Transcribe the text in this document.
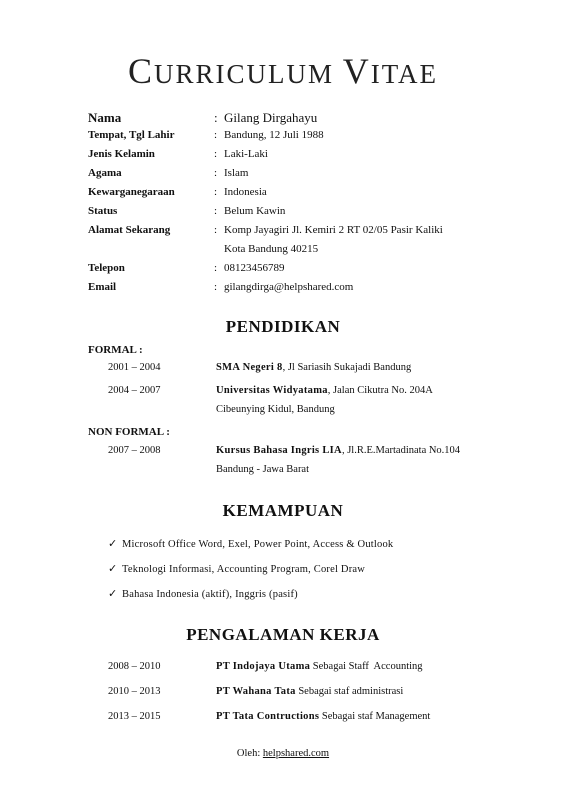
CURRICULUM VITAE
Nama	: Gilang Dirgahayu
Tempat, Tgl Lahir	: Bandung, 12 Juli 1988
Jenis Kelamin	: Laki-Laki
Agama	: Islam
Kewarganegaraan	: Indonesia
Status	: Belum Kawin
Alamat Sekarang	: Komp Jayagiri Jl. Kemiri 2 RT 02/05 Pasir Kaliki
Kota Bandung 40215
Telepon	: 08123456789
Email	: gilangdirga@helpshared.com
PENDIDIKAN
FORMAL :
2001 – 2004	SMA Negeri 8, Jl Sariasih Sukajadi Bandung
2004 – 2007	Universitas Widyatama, Jalan Cikutra No. 204A
Cibeunying Kidul, Bandung
NON FORMAL :
2007 – 2008	Kursus Bahasa Ingris LIA, Jl.R.E.Martadinata No.104
Bandung - Jawa Barat
KEMAMPUAN
✓ Microsoft Office Word, Exel, Power Point, Access & Outlook
✓ Teknologi Informasi, Accounting Program, Corel Draw
✓ Bahasa Indonesia (aktif), Inggris (pasif)
PENGALAMAN KERJA
2008 – 2010	PT Indojaya Utama Sebagai Staff  Accounting
2010 – 2013	PT Wahana Tata Sebagai staf administrasi
2013 – 2015	PT Tata Contructions Sebagai staf Management
Oleh: helpshared.com
